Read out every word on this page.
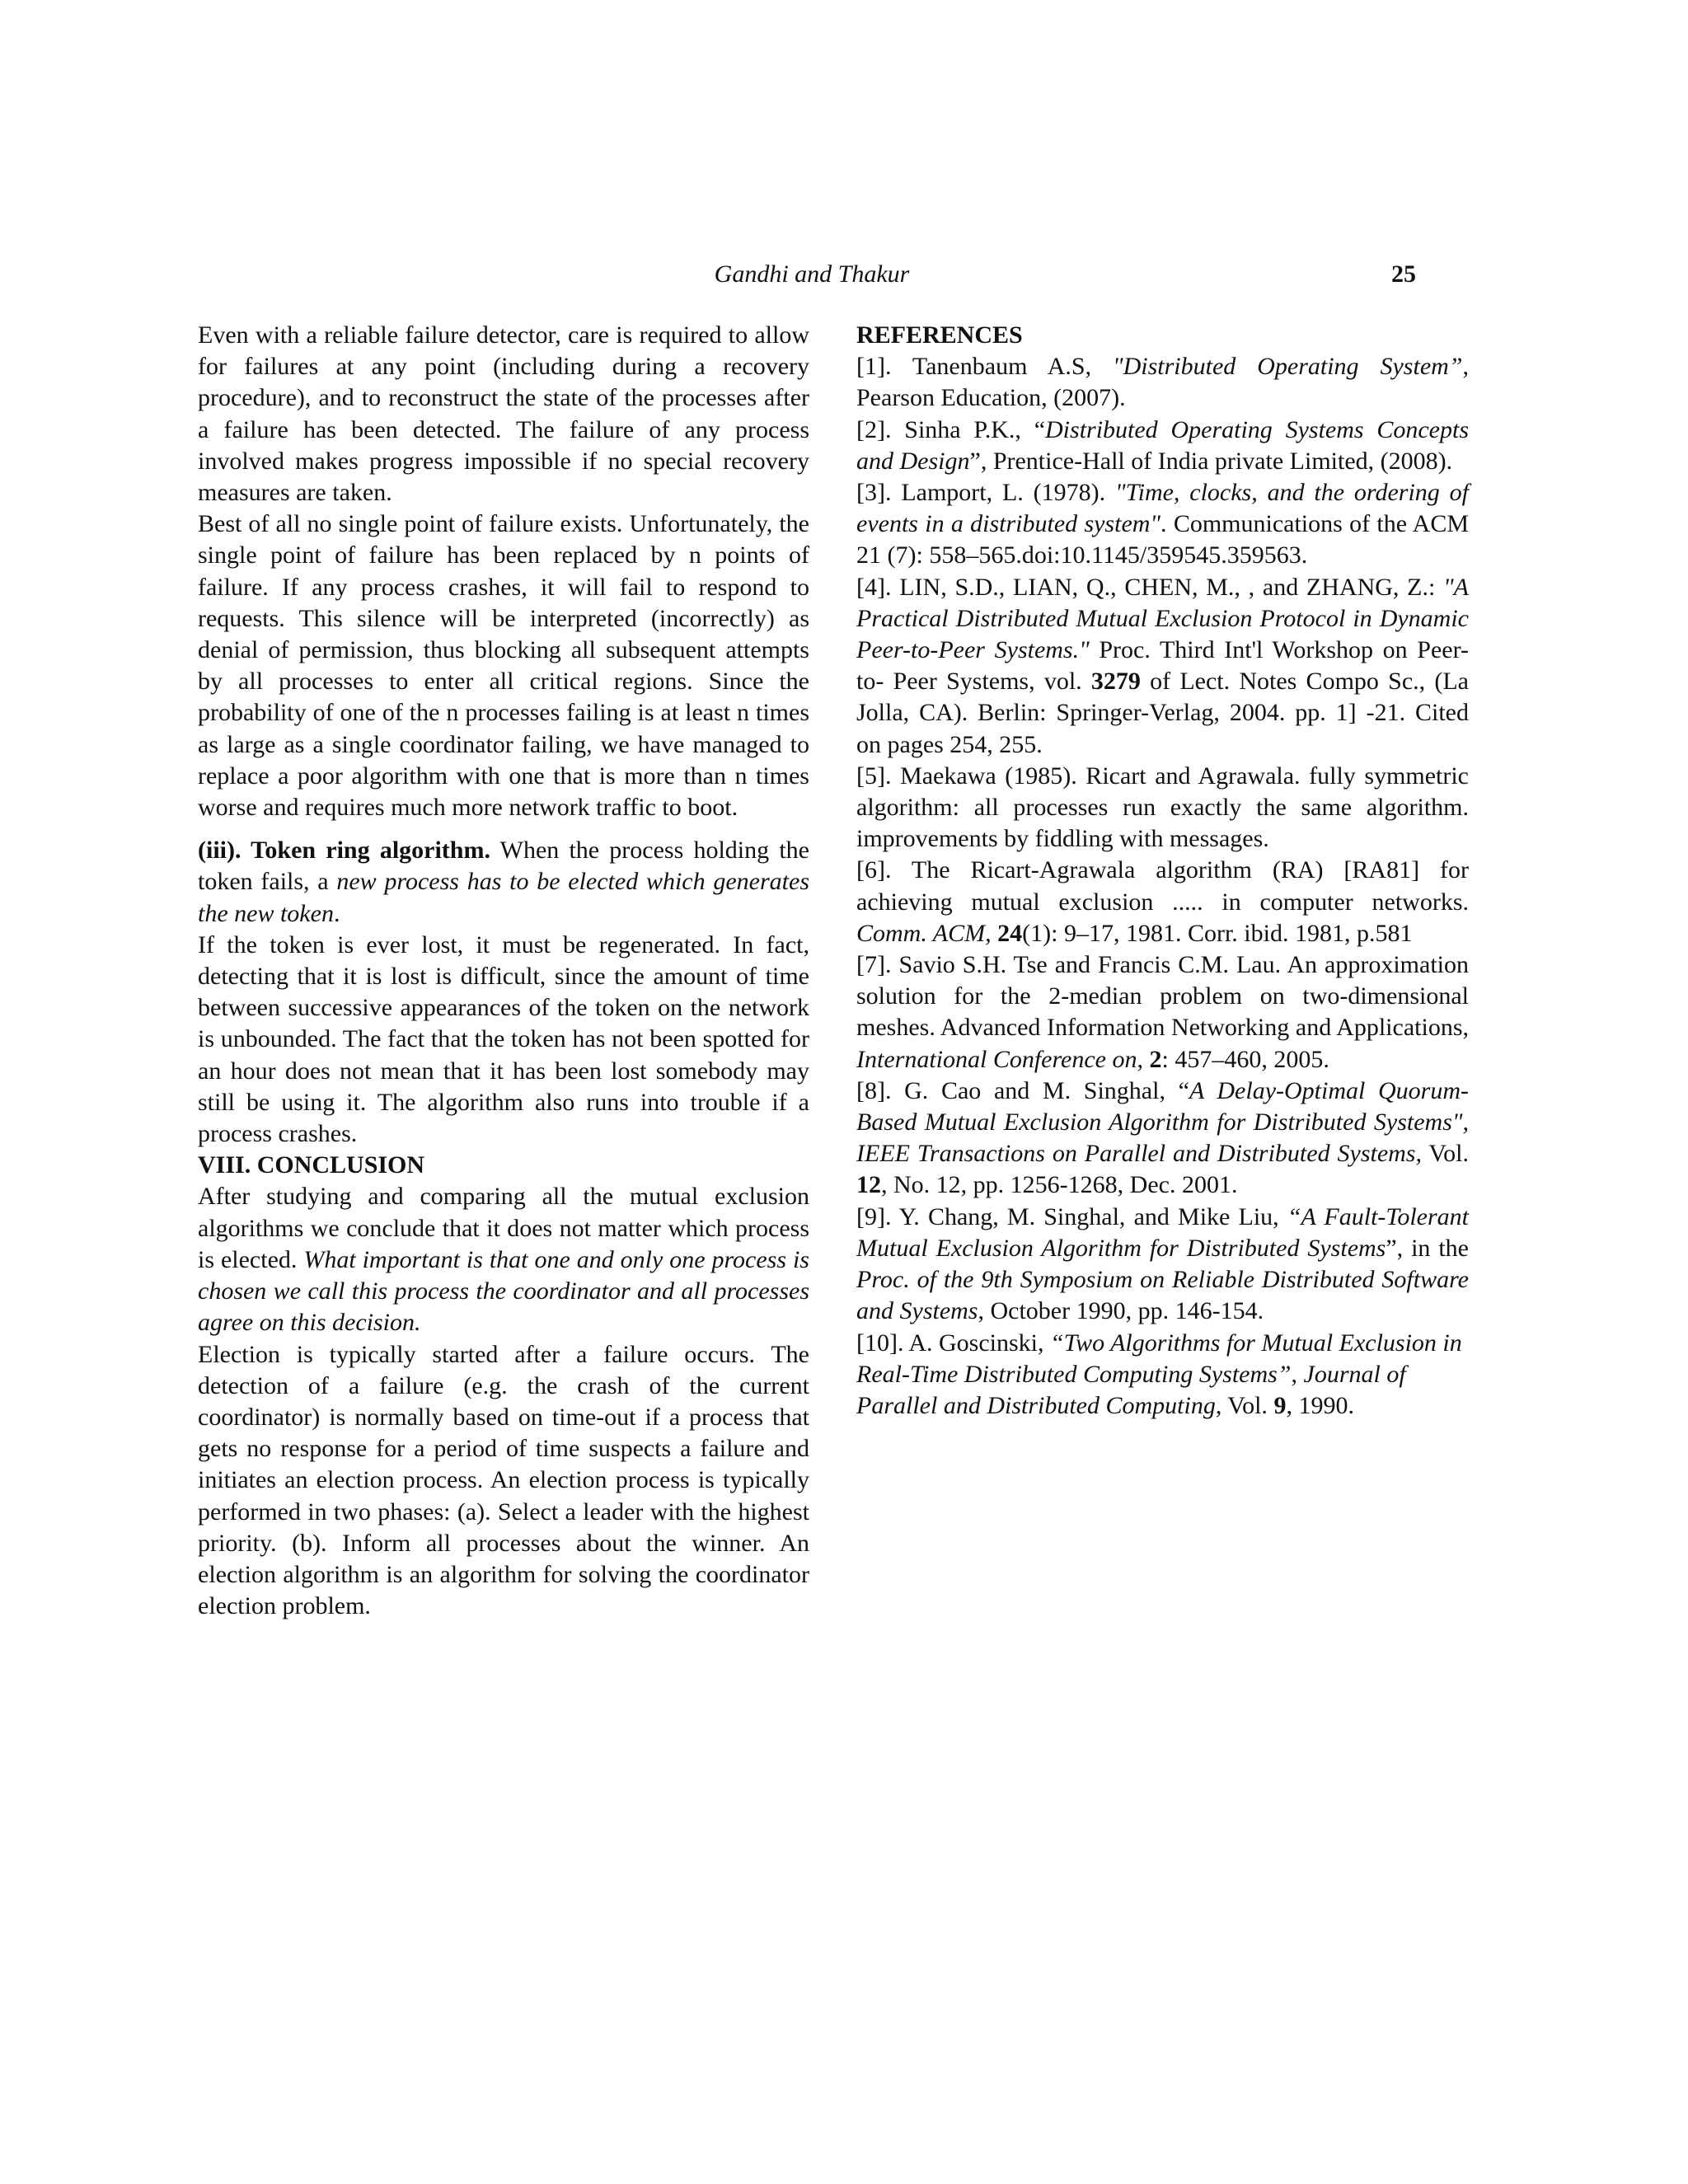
Gandhi and Thakur	25

Even with a reliable failure detector, care is required to allow for failures at any point (including during a recovery procedure), and to reconstruct the state of the processes after a failure has been detected. The failure of any process involved makes progress impossible if no special recovery measures are taken.

Best of all no single point of failure exists. Unfortunately, the single point of failure has been replaced by n points of failure. If any process crashes, it will fail to respond to requests. This silence will be interpreted (incorrectly) as denial of permission, thus blocking all subsequent attempts by all processes to enter all critical regions. Since the probability of one of the n processes failing is at least n times as large as a single coordinator failing, we have managed to replace a poor algorithm with one that is more than n times worse and requires much more network traffic to boot.

(iii). Token ring algorithm. When the process holding the token fails, a new process has to be elected which generates the new token.

If the token is ever lost, it must be regenerated. In fact, detecting that it is lost is difficult, since the amount of time between successive appearances of the token on the network is unbounded. The fact that the token has not been spotted for an hour does not mean that it has been lost somebody may still be using it. The algorithm also runs into trouble if a process crashes.

VIII. CONCLUSION

After studying and comparing all the mutual exclusion algorithms we conclude that it does not matter which process is elected. What important is that one and only one process is chosen we call this process the coordinator and all processes agree on this decision.

Election is typically started after a failure occurs. The detection of a failure (e.g. the crash of the current coordinator) is normally based on time-out if a process that gets no response for a period of time suspects a failure and initiates an election process. An election process is typically performed in two phases: (a). Select a leader with the highest priority. (b). Inform all processes about the winner. An election algorithm is an algorithm for solving the coordinator election problem.

REFERENCES

[1]. Tanenbaum A.S, "Distributed Operating System”, Pearson Education, (2007).

[2]. Sinha P.K., “Distributed Operating Systems Concepts and Design”, Prentice-Hall of India private Limited, (2008).

[3]. Lamport, L. (1978). "Time, clocks, and the ordering of events in a distributed system". Communications of the ACM 21 (7): 558–565.doi:10.1145/359545.359563.

[4]. LIN, S.D., LIAN, Q., CHEN, M., , and ZHANG, Z.: "A Practical Distributed Mutual Exclusion Protocol in Dynamic Peer-to-Peer Systems." Proc. Third Int'l Workshop on Peer-to- Peer Systems, vol. 3279 of Lect. Notes Compo Sc., (La Jolla, CA). Berlin: Springer-Verlag, 2004. pp. 1] -21. Cited on pages 254, 255.

[5]. Maekawa (1985). Ricart and Agrawala. fully symmetric algorithm: all processes run exactly the same algorithm. improvements by fiddling with messages.

[6]. The Ricart-Agrawala algorithm (RA) [RA81] for achieving mutual exclusion ..... in computer networks. Comm. ACM, 24(1): 9–17, 1981. Corr. ibid. 1981, p.581

[7]. Savio S.H. Tse and Francis C.M. Lau. An approximation solution for the 2-median problem on two-dimensional meshes. Advanced Information Networking and Applications, International Conference on, 2: 457–460, 2005.

[8]. G. Cao and M. Singhal, “A Delay-Optimal Quorum-Based Mutual Exclusion Algorithm for Distributed Systems", IEEE Transactions on Parallel and Distributed Systems, Vol. 12, No. 12, pp. 1256-1268, Dec. 2001.

[9]. Y. Chang, M. Singhal, and Mike Liu, “A Fault-Tolerant Mutual Exclusion Algorithm for Distributed Systems”, in the Proc. of the 9th Symposium on Reliable Distributed Software and Systems, October 1990, pp. 146-154.

[10]. A. Goscinski, “Two Algorithms for Mutual Exclusion in Real-Time Distributed Computing Systems”, Journal of Parallel and Distributed Computing, Vol. 9, 1990.
